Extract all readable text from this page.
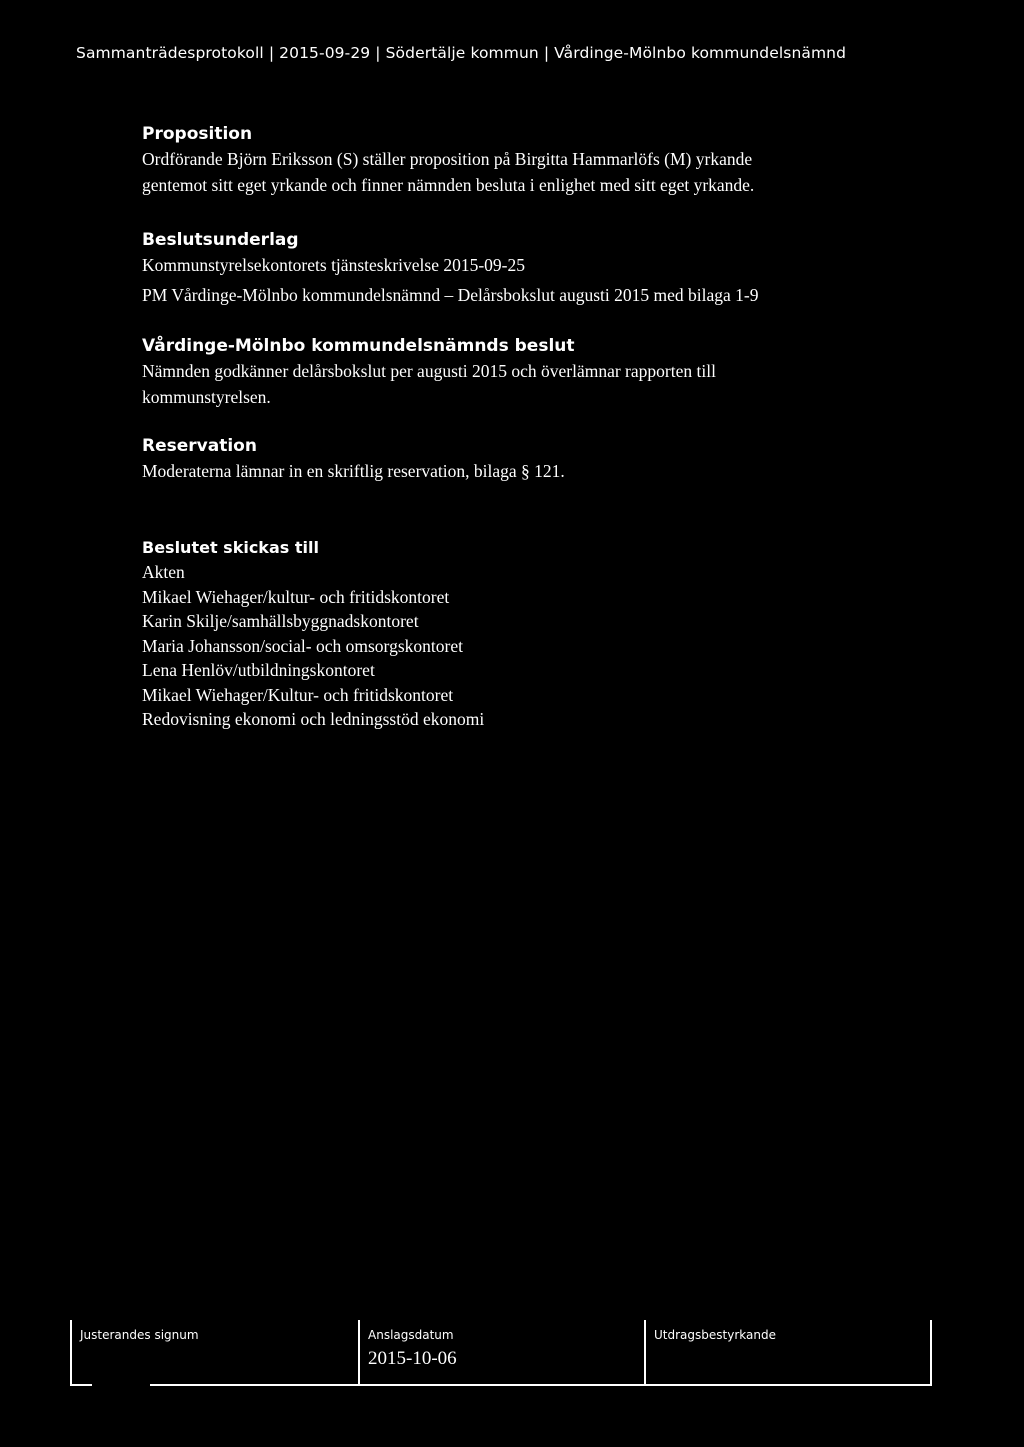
Sammanträdesprotokoll | 2015-09-29 | Södertälje kommun | Vårdinge-Mölnbo kommundelsnämnd
Proposition

Ordförande Björn Eriksson (S) ställer proposition på Birgitta Hammarlöfs (M) yrkande
gentemot sitt eget yrkande och finner nämnden besluta i enlighet med sitt eget yrkande.

Beslutsunderlag

Kommunstyrelsekontorets tjänsteskrivelse 2015-09-25
PM Vårdinge-Mölnbo kommundelsnämnd – Delårsbokslut augusti 2015 med bilaga 1-9

Vårdinge-Mölnbo kommundelsnämnds beslut

Nämnden godkänner delårsbokslut per augusti 2015 och överlämnar rapporten till
kommunstyrelsen.

Reservation

Moderaterna lämnar in en skriftlig reservation, bilaga § 121.

Beslutet skickas till
Akten
Mikael Wiehager/kultur- och fritidskontoret
Karin Skilje/samhällsbyggnadskontoret
Maria Johansson/social- och omsorgskontoret
Lena Henlöv/utbildningskontoret
Mikael Wiehager/Kultur- och fritidskontoret
Redovisning ekonomi och ledningsstöd ekonomi
Justerandes signum	Anslagsdatum
2015-10-06
Utdragsbestyrkande
